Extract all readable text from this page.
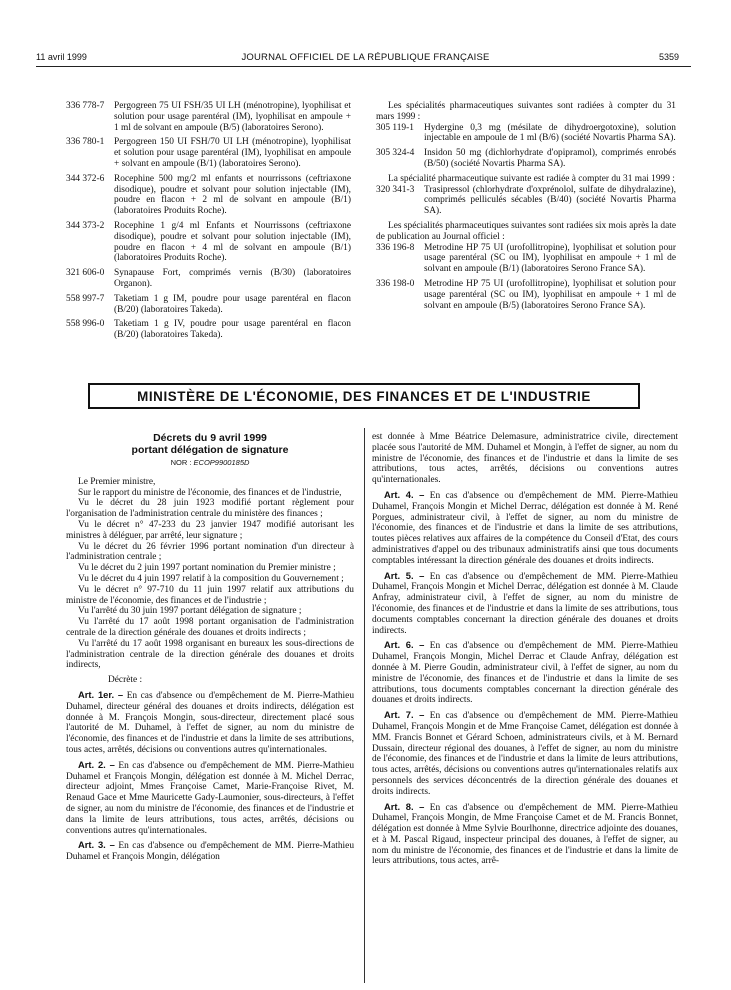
11 avril 1999	JOURNAL OFFICIEL DE LA RÉPUBLIQUE FRANÇAISE	5359
336 778-7	Pergogreen 75 UI FSH/35 UI LH (ménotropine), lyophilisat et solution pour usage parentéral (IM), lyophilisat en ampoule + 1 ml de solvant en ampoule (B/5) (laboratoires Serono).
336 780-1	Pergogreen 150 UI FSH/70 UI LH (ménotropine), lyophilisat et solution pour usage parentéral (IM), lyophilisat en ampoule + solvant en ampoule (B/1) (laboratoires Serono).
344 372-6	Rocephine 500 mg/2 ml enfants et nourrissons (ceftriaxone disodique), poudre et solvant pour solution injectable (IM), poudre en flacon + 2 ml de solvant en ampoule (B/1) (laboratoires Produits Roche).
344 373-2	Rocephine 1 g/4 ml Enfants et Nourrissons (ceftriaxone disodique), poudre et solvant pour solution injectable (IM), poudre en flacon + 4 ml de solvant en ampoule (B/1) (laboratoires Produits Roche).
321 606-0	Synapause Fort, comprimés vernis (B/30) (laboratoires Organon).
558 997-7	Taketiam 1 g IM, poudre pour usage parentéral en flacon (B/20) (laboratoires Takeda).
558 996-0	Taketiam 1 g IV, poudre pour usage parentéral en flacon (B/20) (laboratoires Takeda).
Les spécialités pharmaceutiques suivantes sont radiées à compter du 31 mars 1999 :
305 119-1	Hydergine 0,3 mg (mésilate de dihydroergotoxine), solution injectable en ampoule de 1 ml (B/6) (société Novartis Pharma SA).
305 324-4	Insidon 50 mg (dichlorhydrate d'opipramol), comprimés enrobés (B/50) (société Novartis Pharma SA).
La spécialité pharmaceutique suivante est radiée à compter du 31 mai 1999 :
320 341-3	Trasipressol (chlorhydrate d'oxprénolol, sulfate de dihydralazine), comprimés pelliculés sécables (B/40) (société Novartis Pharma SA).
Les spécialités pharmaceutiques suivantes sont radiées six mois après la date de publication au Journal officiel :
336 196-8	Metrodine HP 75 UI (urofollitropine), lyophilisat et solution pour usage parentéral (SC ou IM), lyophilisat en ampoule + 1 ml de solvant en ampoule (B/1) (laboratoires Serono France SA).
336 198-0	Metrodine HP 75 UI (urofollitropine), lyophilisat et solution pour usage parentéral (SC ou IM), lyophilisat en ampoule + 1 ml de solvant en ampoule (B/5) (laboratoires Serono France SA).
MINISTÈRE DE L'ÉCONOMIE, DES FINANCES ET DE L'INDUSTRIE
Décrets du 9 avril 1999
portant délégation de signature
NOR : ECOP9900185D
Le Premier ministre,
Sur le rapport du ministre de l'économie, des finances et de l'industrie,
Vu le décret du 28 juin 1923 modifié portant règlement pour l'organisation de l'administration centrale du ministère des finances ;
Vu le décret n° 47-233 du 23 janvier 1947 modifié autorisant les ministres à déléguer, par arrêté, leur signature ;
Vu le décret du 26 février 1996 portant nomination d'un directeur à l'administration centrale ;
Vu le décret du 2 juin 1997 portant nomination du Premier ministre ;
Vu le décret du 4 juin 1997 relatif à la composition du Gouvernement ;
Vu le décret n° 97-710 du 11 juin 1997 relatif aux attributions du ministre de l'économie, des finances et de l'industrie ;
Vu l'arrêté du 30 juin 1997 portant délégation de signature ;
Vu l'arrêté du 17 août 1998 portant organisation de l'administration centrale de la direction générale des douanes et droits indirects ;
Vu l'arrêté du 17 août 1998 organisant en bureaux les sous-directions de l'administration centrale de la direction générale des douanes et droits indirects,
Décrète :
Art. 1er. – En cas d'absence ou d'empêchement de M. Pierre-Mathieu Duhamel, directeur général des douanes et droits indirects, délégation est donnée à M. François Mongin, sous-directeur, directement placé sous l'autorité de M. Duhamel, à l'effet de signer, au nom du ministre de l'économie, des finances et de l'industrie et dans la limite de ses attributions, tous actes, arrêtés, décisions ou conventions autres qu'internationales.
Art. 2. – En cas d'absence ou d'empêchement de MM. Pierre-Mathieu Duhamel et François Mongin, délégation est donnée à M. Michel Derrac, directeur adjoint, Mmes Françoise Camet, Marie-Françoise Rivet, M. Renaud Gace et Mme Mauricette Gady-Laumonier, sous-directeurs, à l'effet de signer, au nom du ministre de l'économie, des finances et de l'industrie et dans la limite de leurs attributions, tous actes, arrêtés, décisions ou conventions autres qu'internationales.
Art. 3. – En cas d'absence ou d'empêchement de MM. Pierre-Mathieu Duhamel et François Mongin, délégation
est donnée à Mme Béatrice Delemasure, administratrice civile, directement placée sous l'autorité de MM. Duhamel et Mongin, à l'effet de signer, au nom du ministre de l'économie, des finances et de l'industrie et dans la limite de ses attributions, tous actes, arrêtés, décisions ou conventions autres qu'internationales.
Art. 4. – En cas d'absence ou d'empêchement de MM. Pierre-Mathieu Duhamel, François Mongin et Michel Derrac, délégation est donnée à M. René Porgues, administrateur civil, à l'effet de signer, au nom du ministre de l'économie, des finances et de l'industrie et dans la limite de ses attributions, toutes pièces relatives aux affaires de la compétence du Conseil d'Etat, des cours administratives d'appel ou des tribunaux administratifs ainsi que tous documents comptables intéressant la direction générale des douanes et droits indirects.
Art. 5. – En cas d'absence ou d'empêchement de MM. Pierre-Mathieu Duhamel, François Mongin et Michel Derrac, délégation est donnée à M. Claude Anfray, administrateur civil, à l'effet de signer, au nom du ministre de l'économie, des finances et de l'industrie et dans la limite de ses attributions, tous documents comptables concernant la direction générale des douanes et droits indirects.
Art. 6. – En cas d'absence ou d'empêchement de MM. Pierre-Mathieu Duhamel, François Mongin, Michel Derrac et Claude Anfray, délégation est donnée à M. Pierre Goudin, administrateur civil, à l'effet de signer, au nom du ministre de l'économie, des finances et de l'industrie et dans la limite de ses attributions, tous documents comptables concernant la direction générale des douanes et droits indirects.
Art. 7. – En cas d'absence ou d'empêchement de MM. Pierre-Mathieu Duhamel, François Mongin et de Mme Françoise Camet, délégation est donnée à MM. Francis Bonnet et Gérard Schoen, administrateurs civils, et à M. Bernard Dussain, directeur régional des douanes, à l'effet de signer, au nom du ministre de l'économie, des finances et de l'industrie et dans la limite de leurs attributions, tous actes, arrêtés, décisions ou conventions autres qu'internationales relatifs aux personnels des services déconcentrés de la direction générale des douanes et droits indirects.
Art. 8. – En cas d'absence ou d'empêchement de MM. Pierre-Mathieu Duhamel, François Mongin, de Mme Françoise Camet et de M. Francis Bonnet, délégation est donnée à Mme Sylvie Bourlhonne, directrice adjointe des douanes, et à M. Pascal Rigaud, inspecteur principal des douanes, à l'effet de signer, au nom du ministre de l'économie, des finances et de l'industrie et dans la limite de leurs attributions, tous actes, arrê-
